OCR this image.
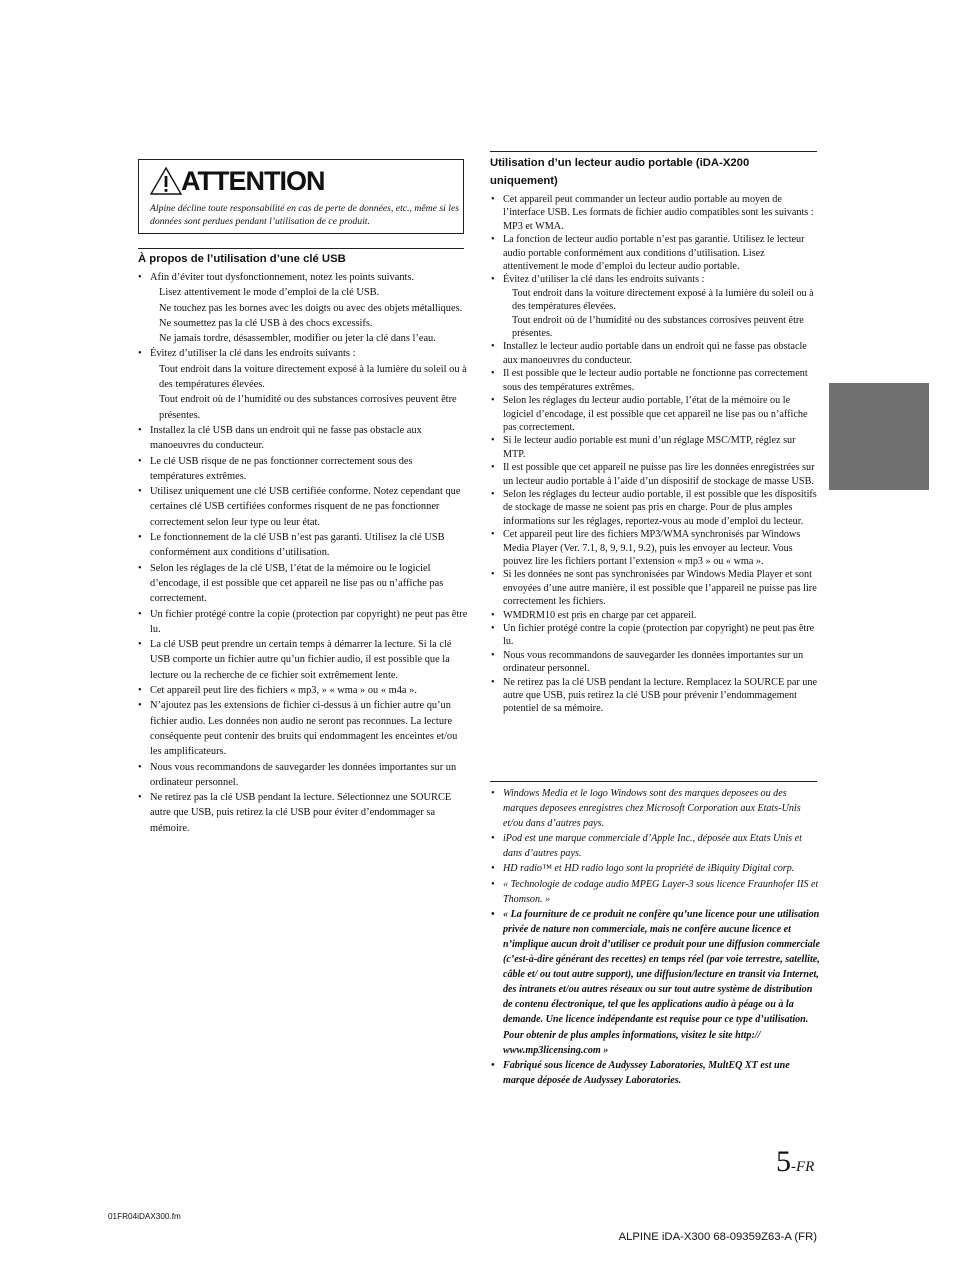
ATTENTION
Alpine décline toute responsabilité en cas de perte de données, etc., même si les données sont perdues pendant l’utilisation de ce produit.
À propos de l’utilisation d’une clé USB
• Afin d’éviter tout dysfonctionnement, notez les points suivants.
Lisez attentivement le mode d’emploi de la clé USB.
Ne touchez pas les bornes avec les doigts ou avec des objets métalliques.
Ne soumettez pas la clé USB à des chocs excessifs.
Ne jamais tordre, désassembler, modifier ou jeter la clé dans l’eau.
• Évitez d’utiliser la clé dans les endroits suivants :
Tout endroit dans la voiture directement exposé à la lumière du soleil ou à des températures élevées.
Tout endroit où de l’humidité ou des substances corrosives peuvent être présentes.
• Installez la clé USB dans un endroit qui ne fasse pas obstacle aux manoeuvres du conducteur.
• Le clé USB risque de ne pas fonctionner correctement sous des températures extrêmes.
• Utilisez uniquement une clé USB certifiée conforme. Notez cependant que certaines clé USB certifiées conformes risquent de ne pas fonctionner correctement selon leur type ou leur état.
• Le fonctionnement de la clé USB n’est pas garanti. Utilisez la clé USB conformément aux conditions d’utilisation.
• Selon les réglages de la clé USB, l’état de la mémoire ou le logiciel d’encodage, il est possible que cet appareil ne lise pas ou n’affiche pas correctement.
• Un fichier protégé contre la copie (protection par copyright) ne peut pas être lu.
• La clé USB peut prendre un certain temps à démarrer la lecture. Si la clé USB comporte un fichier autre qu’un fichier audio, il est possible que la lecture ou la recherche de ce fichier soit extrêmement lente.
• Cet appareil peut lire des fichiers « mp3, » « wma » ou « m4a ».
• N’ajoutez pas les extensions de fichier ci-dessus à un fichier autre qu’un fichier audio. Les données non audio ne seront pas reconnues. La lecture conséquente peut contenir des bruits qui endommagent les enceintes et/ou les amplificateurs.
• Nous vous recommandons de sauvegarder les données importantes sur un ordinateur personnel.
• Ne retirez pas la clé USB pendant la lecture. Sélectionnez une SOURCE autre que USB, puis retirez la clé USB pour éviter d’endommager sa mémoire.
Utilisation d’un lecteur audio portable (iDA-X200 uniquement)
• Cet appareil peut commander un lecteur audio portable au moyen de l’interface USB. Les formats de fichier audio compatibles sont les suivants : MP3 et WMA.
• La fonction de lecteur audio portable n’est pas garantie. Utilisez le lecteur audio portable conformément aux conditions d’utilisation. Lisez attentivement le mode d’emploi du lecteur audio portable.
• Évitez d’utiliser la clé dans les endroits suivants :
Tout endroit dans la voiture directement exposé à la lumière du soleil ou à des températures élevées.
Tout endroit où de l’humidité ou des substances corrosives peuvent être présentes.
• Installez le lecteur audio portable dans un endroit qui ne fasse pas obstacle aux manoeuvres du conducteur.
• Il est possible que le lecteur audio portable ne fonctionne pas correctement sous des températures extrêmes.
• Selon les réglages du lecteur audio portable, l’état de la mémoire ou le logiciel d’encodage, il est possible que cet appareil ne lise pas ou n’affiche pas correctement.
• Si le lecteur audio portable est muni d’un réglage MSC/MTP, réglez sur MTP.
• Il est possible que cet appareil ne puisse pas lire les données enregistrées sur un lecteur audio portable à l’aide d’un dispositif de stockage de masse USB.
• Selon les réglages du lecteur audio portable, il est possible que les dispositifs de stockage de masse ne soient pas pris en charge. Pour de plus amples informations sur les réglages, reportez-vous au mode d’emploi du lecteur.
• Cet appareil peut lire des fichiers MP3/WMA synchronisés par Windows Media Player (Ver. 7.1, 8, 9, 9.1, 9.2), puis les envoyer au lecteur. Vous pouvez lire les fichiers portant l’extension « mp3 » ou « wma ».
• Si les données ne sont pas synchronisées par Windows Media Player et sont envoyées d’une autre manière, il est possible que l’appareil ne puisse pas lire correctement les fichiers.
• WMDRM10 est pris en charge par cet appareil.
• Un fichier protégé contre la copie (protection par copyright) ne peut pas être lu.
• Nous vous recommandons de sauvegarder les données importantes sur un ordinateur personnel.
• Ne retirez pas la clé USB pendant la lecture. Remplacez la SOURCE par une autre que USB, puis retirez la clé USB pour prévenir l’endommagement potentiel de sa mémoire.
• Windows Media et le logo Windows sont des marques deposees ou des marques deposees enregistres chez Microsoft Corporation aux Etats-Unis et/ou dans d’autres pays.
• iPod est une marque commerciale d’Apple Inc., déposée aux Etats Unis et dans d’autres pays.
• HD radio™ et HD radio logo sont la propriété de iBiquity Digital corp.
• « Technologie de codage audio MPEG Layer-3 sous licence Fraunhofer IIS et Thomson. »
• « La fourniture de ce produit ne confère qu’une licence pour une utilisation privée de nature non commerciale, mais ne confère aucune licence et n’implique aucun droit d’utiliser ce produit pour une diffusion commerciale (c’est-à-dire générant des recettes) en temps réel (par voie terrestre, satellite, câble et/ ou tout autre support), une diffusion/lecture en transit via Internet, des intranets et/ou autres réseaux ou sur tout autre système de distribution de contenu électronique, tel que les applications audio à péage ou à la demande. Une licence indépendante est requise pour ce type d’utilisation. Pour obtenir de plus amples informations, visitez le site http:// www.mp3licensing.com »
• Fabriqué sous licence de Audyssey Laboratories, MultEQ XT est une marque déposée de Audyssey Laboratories.
5-FR
01FR04iDAX300.fm
ALPINE iDA-X300 68-09359Z63-A (FR)
